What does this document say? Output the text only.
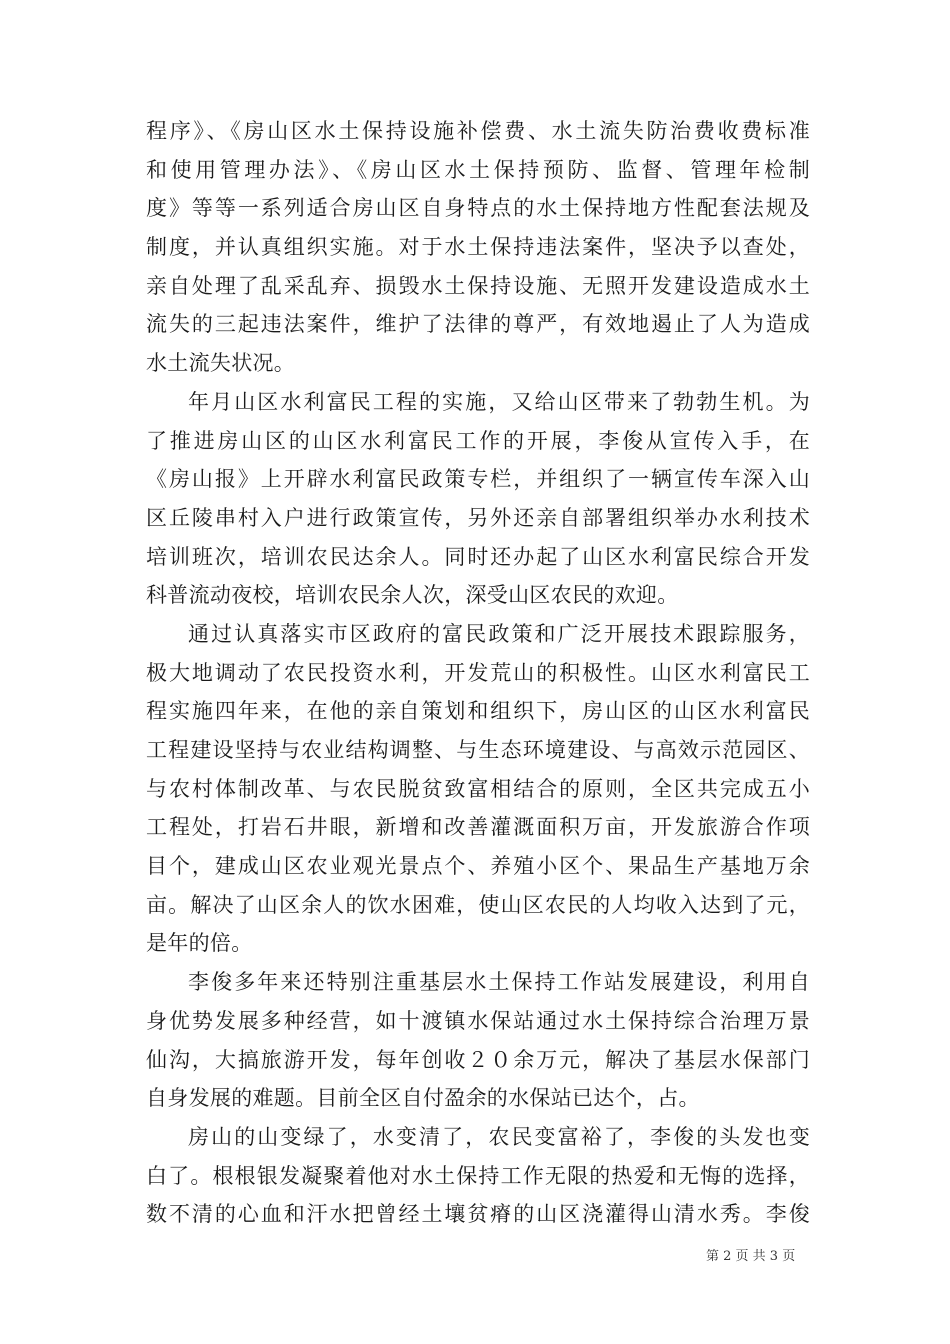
程序》、《房山区水土保持设施补偿费、水土流失防治费收费标准
和使用管理办法》、《房山区水土保持预防、监督、管理年检制
度》等等一系列适合房山区自身特点的水土保持地方性配套法规及
制度，并认真组织实施。对于水土保持违法案件，坚决予以查处，
亲自处理了乱采乱弃、损毁水土保持设施、无照开发建设造成水土
流失的三起违法案件，维护了法律的尊严，有效地遏止了人为造成
水土流失状况。
年月山区水利富民工程的实施，又给山区带来了勃勃生机。为
了推进房山区的山区水利富民工作的开展，李俊从宣传入手，在
《房山报》上开辟水利富民政策专栏，并组织了一辆宣传车深入山
区丘陵串村入户进行政策宣传，另外还亲自部署组织举办水利技术
培训班次，培训农民达余人。同时还办起了山区水利富民综合开发
科普流动夜校，培训农民余人次，深受山区农民的欢迎。
通过认真落实市区政府的富民政策和广泛开展技术跟踪服务，
极大地调动了农民投资水利，开发荒山的积极性。山区水利富民工
程实施四年来，在他的亲自策划和组织下，房山区的山区水利富民
工程建设坚持与农业结构调整、与生态环境建设、与高效示范园区、
与农村体制改革、与农民脱贫致富相结合的原则，全区共完成五小
工程处，打岩石井眼，新增和改善灌溉面积万亩，开发旅游合作项
目个，建成山区农业观光景点个、养殖小区个、果品生产基地万余
亩。解决了山区余人的饮水困难，使山区农民的人均收入达到了元，
是年的倍。
李俊多年来还特别注重基层水土保持工作站发展建设，利用自
身优势发展多种经营，如十渡镇水保站通过水土保持综合治理万景
仙沟，大搞旅游开发，每年创收２０余万元，解决了基层水保部门
自身发展的难题。目前全区自付盈余的水保站已达个，占。
房山的山变绿了，水变清了，农民变富裕了，李俊的头发也变
白了。根根银发凝聚着他对水土保持工作无限的热爱和无悔的选择，
数不清的心血和汗水把曾经土壤贫瘠的山区浇灌得山清水秀。李俊
第 2 页 共 3 页
